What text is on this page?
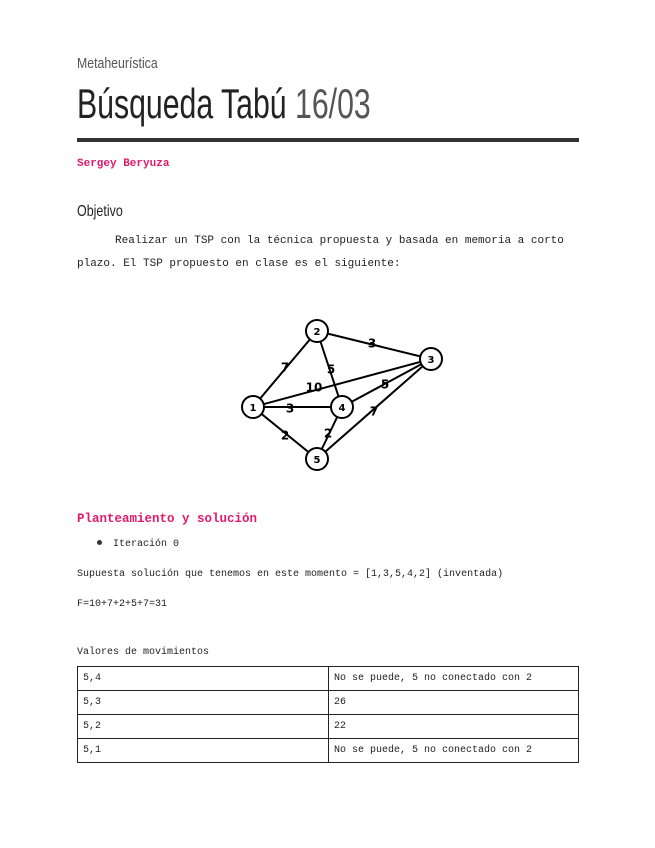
Metaheurística
Búsqueda Tabú 16/03
Sergey Beryuza
Objetivo
Realizar un TSP con la técnica propuesta y basada en memoria a corto plazo. El TSP propuesto en clase es el siguiente:
7
3
5
10
3
5
2	2
7
1
2
3
4
5
Planteamiento y solución
Iteración 0
Supuesta solución que tenemos en este momento = [1,3,5,4,2] (inventada)
F=10+7+2+5+7=31
Valores de movimientos
5,4	No se puede, 5 no conectado con 2
5,3	26
5,2	22
5,1	No se puede, 5 no conectado con 2
